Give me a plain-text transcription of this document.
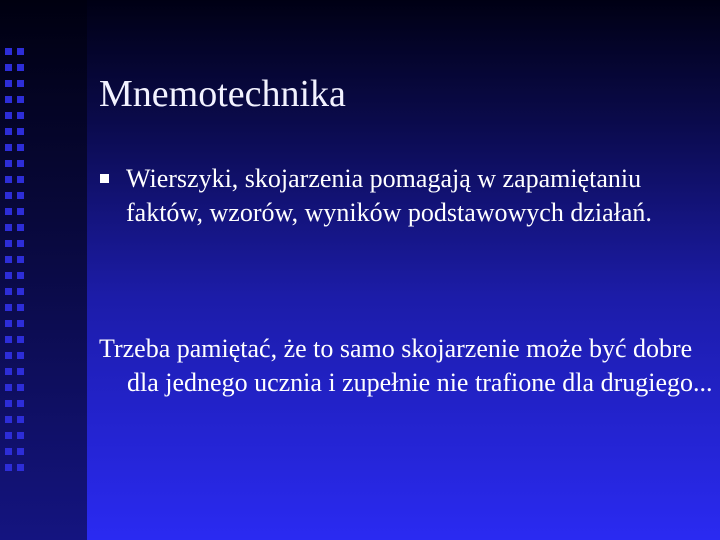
Mnemotechnika
Wierszyki, skojarzenia pomagają w zapamiętaniu faktów, wzorów, wyników podstawowych działań.
Trzeba pamiętać, że to samo skojarzenie może być dobre dla jednego ucznia i zupełnie nie trafione dla drugiego...
